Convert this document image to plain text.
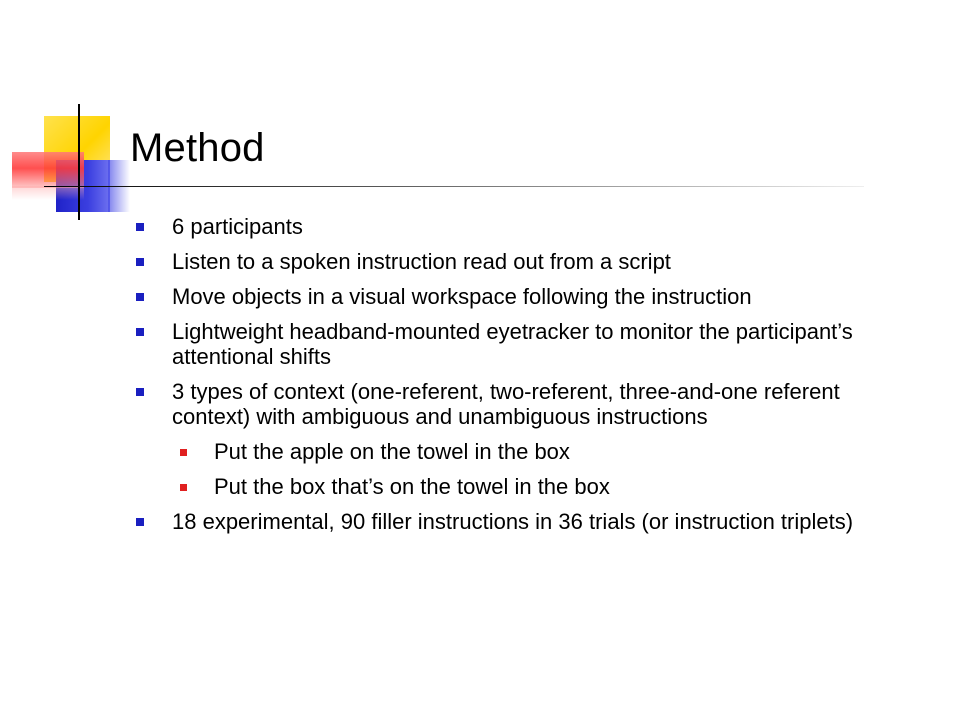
Method
6 participants
Listen to a spoken instruction read out from a script
Move objects in a visual workspace following the instruction
Lightweight headband-mounted eyetracker to monitor the participant’s attentional shifts
3 types of context (one-referent, two-referent, three-and-one referent context) with ambiguous and unambiguous instructions
Put the apple on the towel in the box
Put the box that’s on the towel in the box
18 experimental, 90 filler instructions in 36 trials (or instruction triplets)
